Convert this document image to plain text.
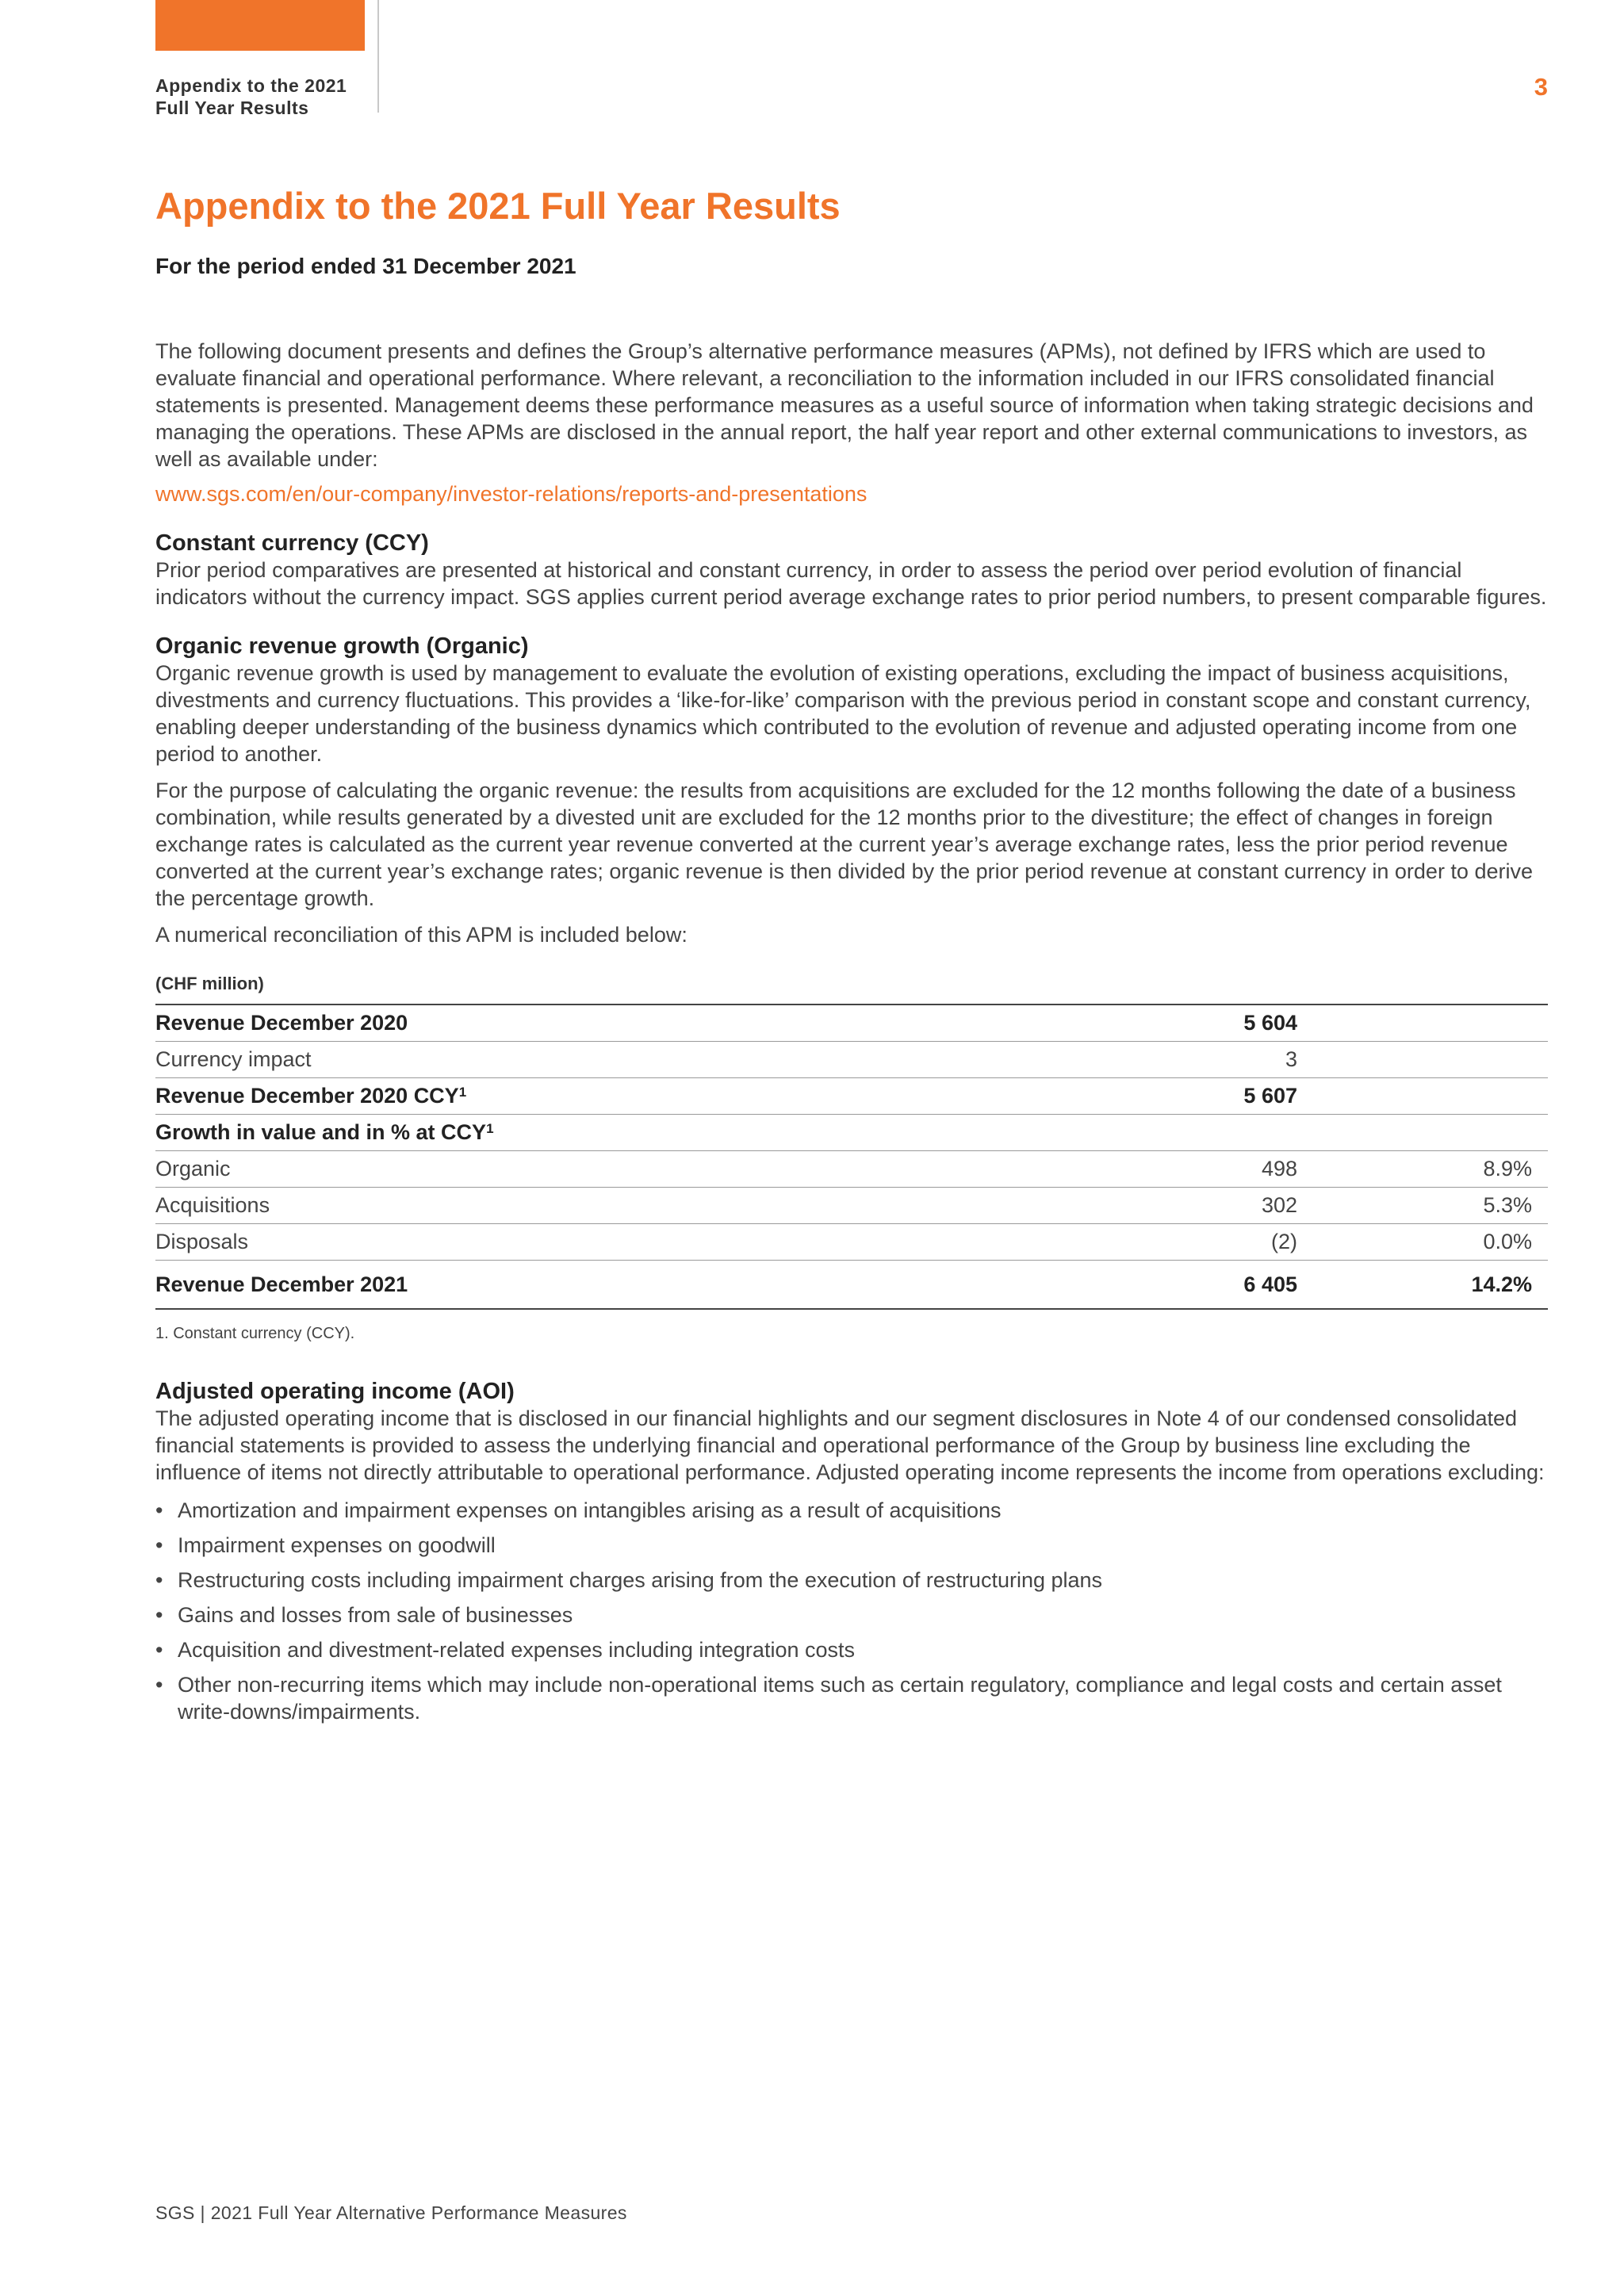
Appendix to the 2021
Full Year Results
3
Appendix to the 2021 Full Year Results
For the period ended 31 December 2021

The following document presents and defines the Group’s alternative performance measures (APMs), not defined by IFRS which are used to evaluate financial and operational performance. Where relevant, a reconciliation to the information included in our IFRS consolidated financial statements is presented. Management deems these performance measures as a useful source of information when taking strategic decisions and managing the operations. These APMs are disclosed in the annual report, the half year report and other external communications to investors, as well as available under:

www.sgs.com/en/our-company/investor-relations/reports-and-presentations
Constant currency (CCY)

Prior period comparatives are presented at historical and constant currency, in order to assess the period over period evolution of financial indicators without the currency impact. SGS applies current period average exchange rates to prior period numbers, to present comparable figures.

Organic revenue growth (Organic)

Organic revenue growth is used by management to evaluate the evolution of existing operations, excluding the impact of business acquisitions, divestments and currency fluctuations. This provides a ‘like-for-like’ comparison with the previous period in constant scope and constant currency, enabling deeper understanding of the business dynamics which contributed to the evolution of revenue and adjusted operating income from one period to another.

For the purpose of calculating the organic revenue: the results from acquisitions are excluded for the 12 months following the date of a business combination, while results generated by a divested unit are excluded for the 12 months prior to the divestiture; the effect of changes in foreign exchange rates is calculated as the current year revenue converted at the current year’s average exchange rates, less the prior period revenue converted at the current year’s exchange rates; organic revenue is then divided by the prior period revenue at constant currency in order to derive the percentage growth.

A numerical reconciliation of this APM is included below:

(CHF million)
Revenue December 2020	5 604	
Currency impact	3	
Revenue December 2020 CCY$^1$	5 607	
Growth in value and in % at CCY$^1$		
Organic	498	8.9%
Acquisitions	302	5.3%
Disposals	(2)	0.0%
Revenue December 2021	6 405	14.2%
1. Constant currency (CCY).
Adjusted operating income (AOI)

The adjusted operating income that is disclosed in our financial highlights and our segment disclosures in Note 4 of our condensed consolidated financial statements is provided to assess the underlying financial and operational performance of the Group by business line excluding the influence of items not directly attributable to operational performance. Adjusted operating income represents the income from operations excluding:

• Amortization and impairment expenses on intangibles arising as a result of acquisitions
• Impairment expenses on goodwill
• Restructuring costs including impairment charges arising from the execution of restructuring plans
• Gains and losses from sale of businesses
• Acquisition and divestment-related expenses including integration costs
• Other non-recurring items which may include non-operational items such as certain regulatory, compliance and legal costs and certain asset write-downs/impairments.
SGS | 2021 Full Year Alternative Performance Measures
